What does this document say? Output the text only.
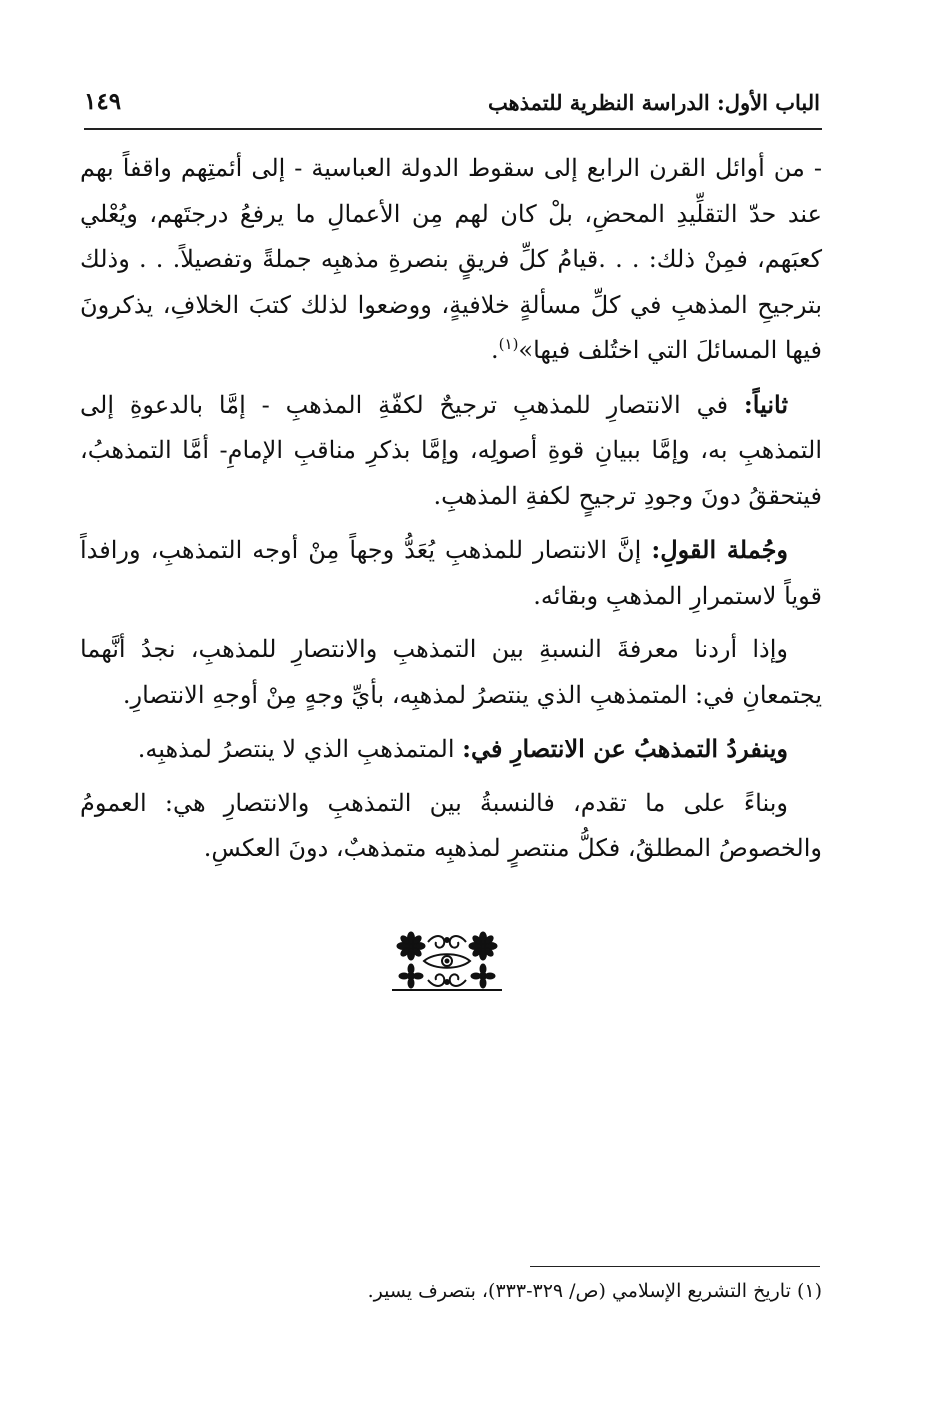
الباب الأول: الدراسة النظرية للتمذهب
١٤٩

- من أوائل القرن الرابع إلى سقوط الدولة العباسية - إلى أئمتِهم واقفاً بهم عند حدّ التقلِّيدِ المحضِ، بلْ كان لهم مِن الأعمالِ ما يرفعُ درجتَهم، ويُعْلي كعبَهم، فمِنْ ذلك: . . .قيامُ كلِّ فريقٍ بنصرةِ مذهبِه جملةً وتفصيلاً. . . وذلك بترجيحِ المذهبِ في كلِّ مسألةٍ خلافيةٍ، ووضعوا لذلك كتبَ الخلافِ، يذكرونَ فيها المسائلَ التي اختُلف فيها»$^{(١)}$.

ثانياً: في الانتصارِ للمذهبِ ترجيحٌ لكفّةِ المذهبِ - إمَّا بالدعوةِ إلى التمذهبِ به، وإمَّا ببيانِ قوةِ أصولِه، وإمَّا بذكرِ مناقبِ الإمامِ- أمَّا التمذهبُ، فيتحققُ دونَ وجودِ ترجيحٍ لكفةِ المذهبِ.

وجُملة القولِ: إنَّ الانتصار للمذهبِ يُعَدُّ وجهاً مِنْ أوجه التمذهبِ، ورافداً قوياً لاستمرارِ المذهبِ وبقائه.

وإذا أردنا معرفةَ النسبةِ بين التمذهبِ والانتصارِ للمذهبِ، نجدُ أنَّهما يجتمعانِ في: المتمذهبِ الذي ينتصرُ لمذهبِه، بأيِّ وجهٍ مِنْ أوجهِ الانتصارِ.

وينفردُ التمذهبُ عن الانتصارِ في: المتمذهبِ الذي لا ينتصرُ لمذهبِه.

وبناءً على ما تقدم، فالنسبةُ بين التمذهبِ والانتصارِ هي: العمومُ والخصوصُ المطلقُ، فكلُّ منتصرٍ لمذهبِه متمذهبٌ، دونَ العكسِ.

(١) تاريخ التشريع الإسلامي (ص/ ٣٢٩-٣٣٣)، بتصرف يسير.
